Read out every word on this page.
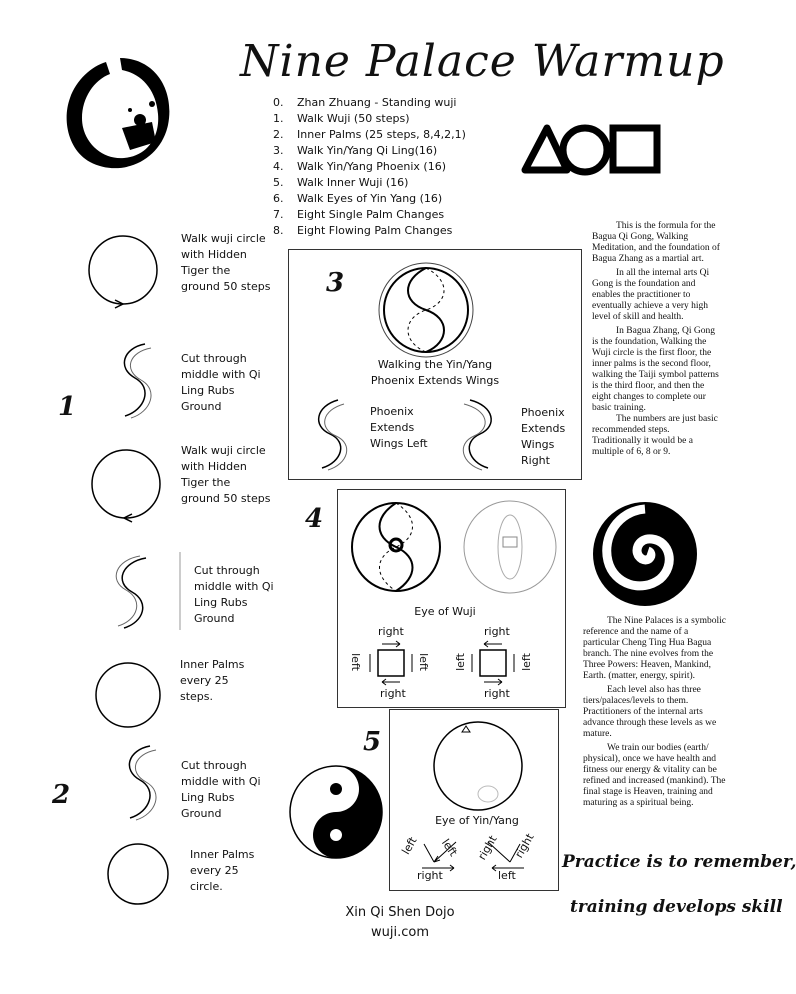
Nine Palace Warmup
0. Zhan Zhuang - Standing wuji
1. Walk Wuji (50 steps)
2. Inner Palms (25 steps, 8,4,2,1)
3. Walk Yin/Yang Qi Ling(16)
4. Walk Yin/Yang Phoenix (16)
5. Walk Inner Wuji (16)
6. Walk Eyes of Yin Yang (16)
7. Eight Single Palm Changes
8. Eight Flowing Palm Changes
Walk wuji circle with Hidden Tiger the ground 50 steps
Cut through middle with Qi Ling Rubs Ground
1
Walk wuji circle with Hidden Tiger the ground 50 steps
Cut through middle with Qi Ling Rubs Ground
Inner Palms every 25 steps.
Cut through middle with Qi Ling Rubs Ground
2
Inner Palms every 25 circle.
3
Walking the Yin/Yang Phoenix Extends Wings
Phoenix Extends Wings Left
Phoenix Extends Wings Right
4
Eye of Wuji
right
right
left	left
right
right
left	left
5
Eye of Yin/Yang
left left
right
right right
left
This is the formula for the Bagua Qi Gong, Walking Meditation, and the foundation of Bagua Zhang as a martial art.
In all the internal arts Qi Gong is the foundation and enables the practitioner to eventually achieve a very high level of skill and health.
In Bagua Zhang, Qi Gong is the foundation, Walking the Wuji circle is the first floor, the inner palms is the second floor, walking the Taiji symbol patterns is the third floor, and then the eight changes to complete our basic training.
The numbers are just basic recommended steps. Traditionally it would be a multiple of 6, 8 or 9.
The Nine Palaces is a symbolic reference and the name of a particular Cheng Ting Hua Bagua branch. The nine evolves from the Three Powers: Heaven, Mankind, Earth. (matter, energy, spirit).
Each level also has three tiers/palaces/levels to them. Practitioners of the internal arts advance through these levels as we mature.
We train our bodies (earth/ physical), once we have health and fitness our energy & vitality can be refined and increased (mankind). The final stage is Heaven, training and maturing as a spiritual being.
Practice is to remember,
training develops skill
Xin Qi Shen Dojo
wuji.com
